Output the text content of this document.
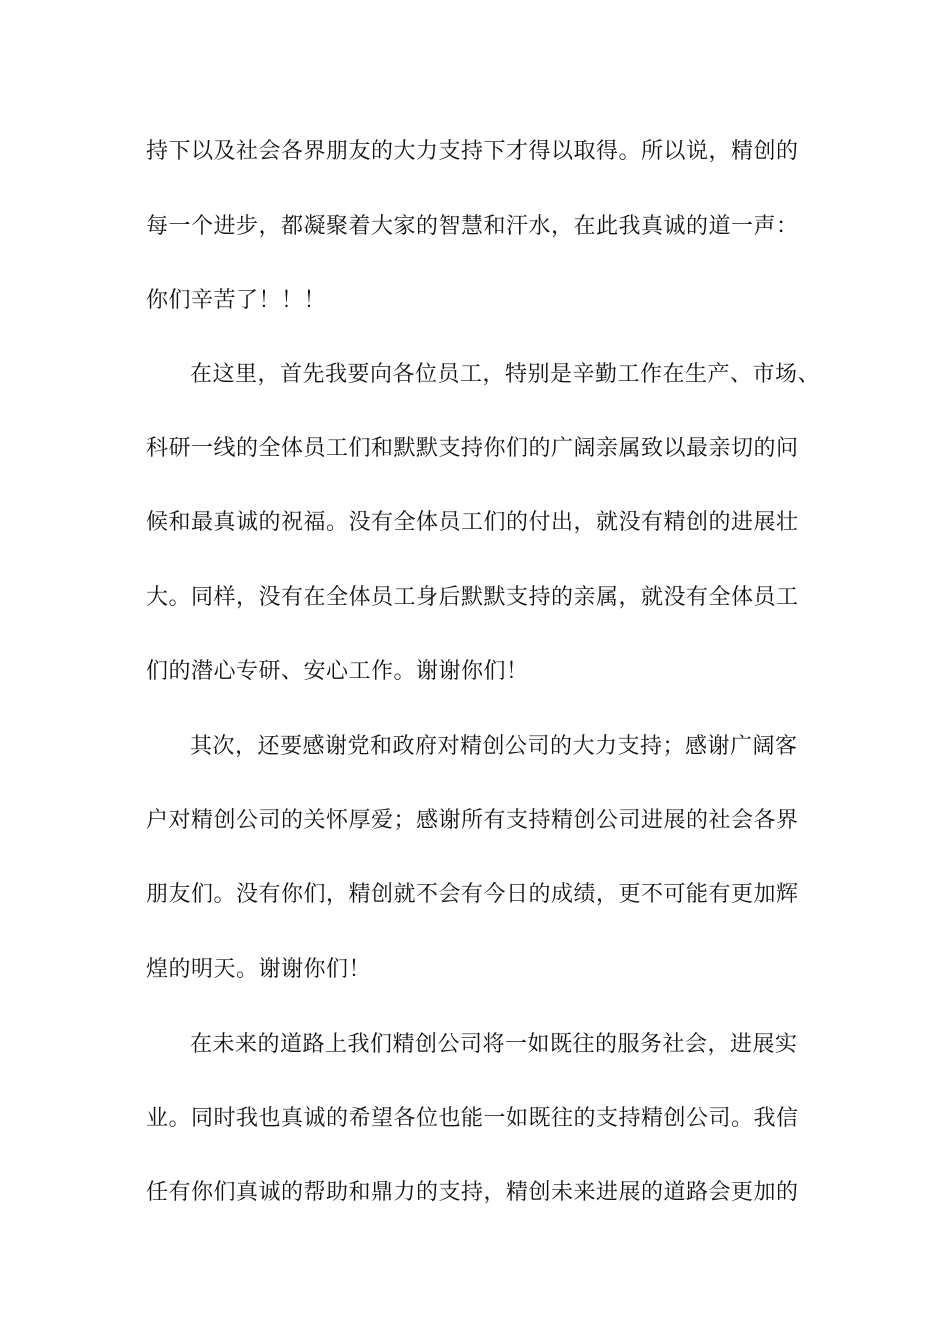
持下以及社会各界朋友的大力支持下才得以取得。所以说，精创的
每一个进步，都凝聚着大家的智慧和汗水，在此我真诚的道一声：
你们辛苦了！！！
在这里，首先我要向各位员工，特别是辛勤工作在生产、市场、
科研一线的全体员工们和默默支持你们的广阔亲属致以最亲切的问
候和最真诚的祝福。没有全体员工们的付出，就没有精创的进展壮
大。同样，没有在全体员工身后默默支持的亲属，就没有全体员工
们的潜心专研、安心工作。谢谢你们！
其次，还要感谢党和政府对精创公司的大力支持；感谢广阔客
户对精创公司的关怀厚爱；感谢所有支持精创公司进展的社会各界
朋友们。没有你们，精创就不会有今日的成绩，更不可能有更加辉
煌的明天。谢谢你们！
在未来的道路上我们精创公司将一如既往的服务社会，进展实
业。同时我也真诚的希望各位也能一如既往的支持精创公司。我信
任有你们真诚的帮助和鼎力的支持，精创未来进展的道路会更加的
